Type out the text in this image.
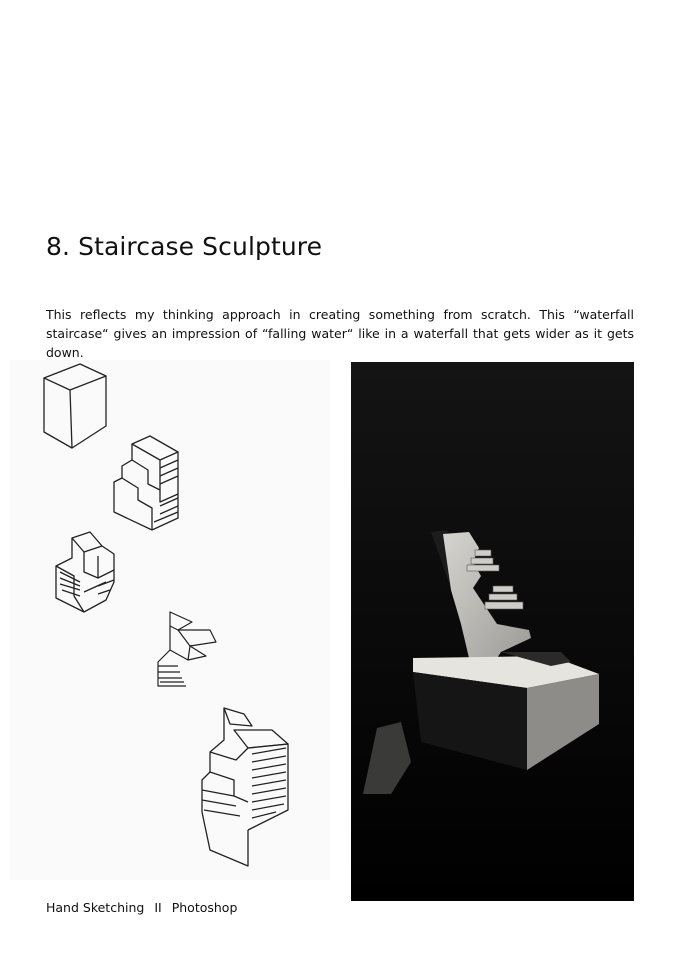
8. Staircase Sculpture

This reflects my thinking approach in creating something from scratch. This “waterfall staircase“ gives an impression of “falling water“ like in a waterfall that gets wider as it gets down.

Hand Sketching II Photoshop
